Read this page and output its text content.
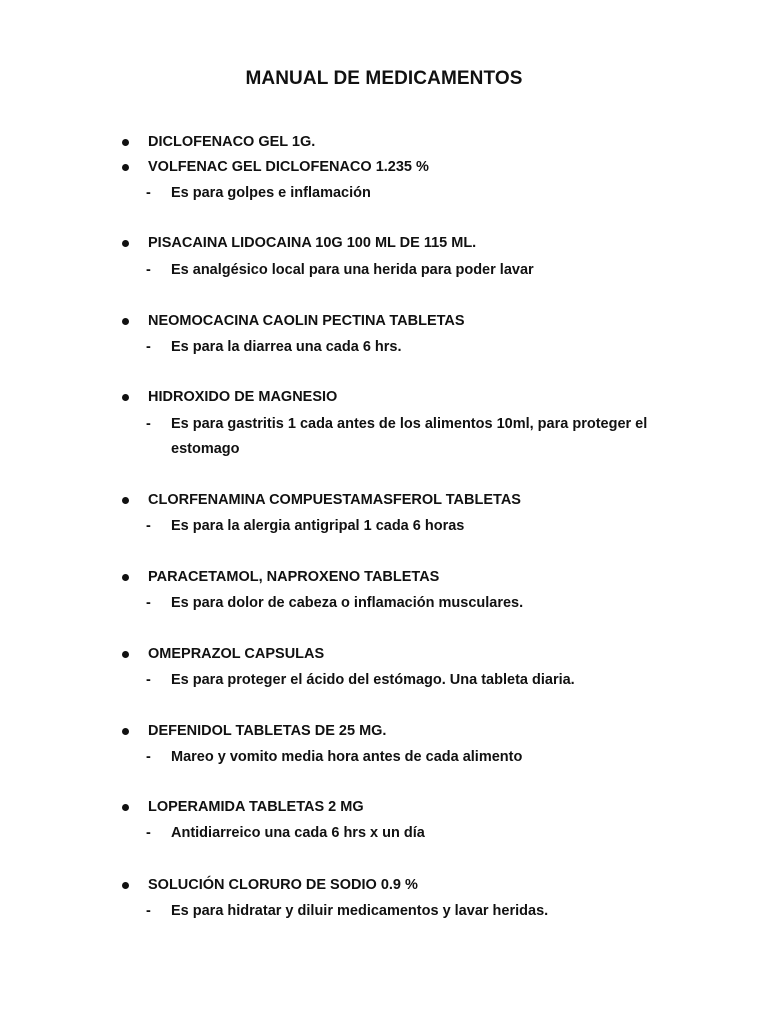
MANUAL DE MEDICAMENTOS
DICLOFENACO GEL 1G.
VOLFENAC GEL DICLOFENACO 1.235 %
- Es para golpes e inflamación
PISACAINA LIDOCAINA 10G 100 ML DE 115 ML.
- Es analgésico local para una herida para poder lavar
NEOMOCACINA CAOLIN PECTINA TABLETAS
- Es para la diarrea una cada 6 hrs.
HIDROXIDO DE MAGNESIO
- Es para gastritis 1 cada antes de los alimentos 10ml, para proteger el
estomago
CLORFENAMINA COMPUESTAMASFEROL TABLETAS
- Es para la alergia antigripal 1 cada 6 horas
PARACETAMOL, NAPROXENO TABLETAS
- Es para dolor de cabeza o inflamación musculares.
OMEPRAZOL CAPSULAS
- Es para proteger el ácido del estómago. Una tableta diaria.
DEFENIDOL TABLETAS DE 25 MG.
- Mareo y vomito media hora antes de cada alimento
LOPERAMIDA TABLETAS 2 MG
- Antidiarreico una cada 6 hrs x un día
SOLUCIÓN CLORURO DE SODIO 0.9 %
- Es para hidratar y diluir medicamentos y lavar heridas.
